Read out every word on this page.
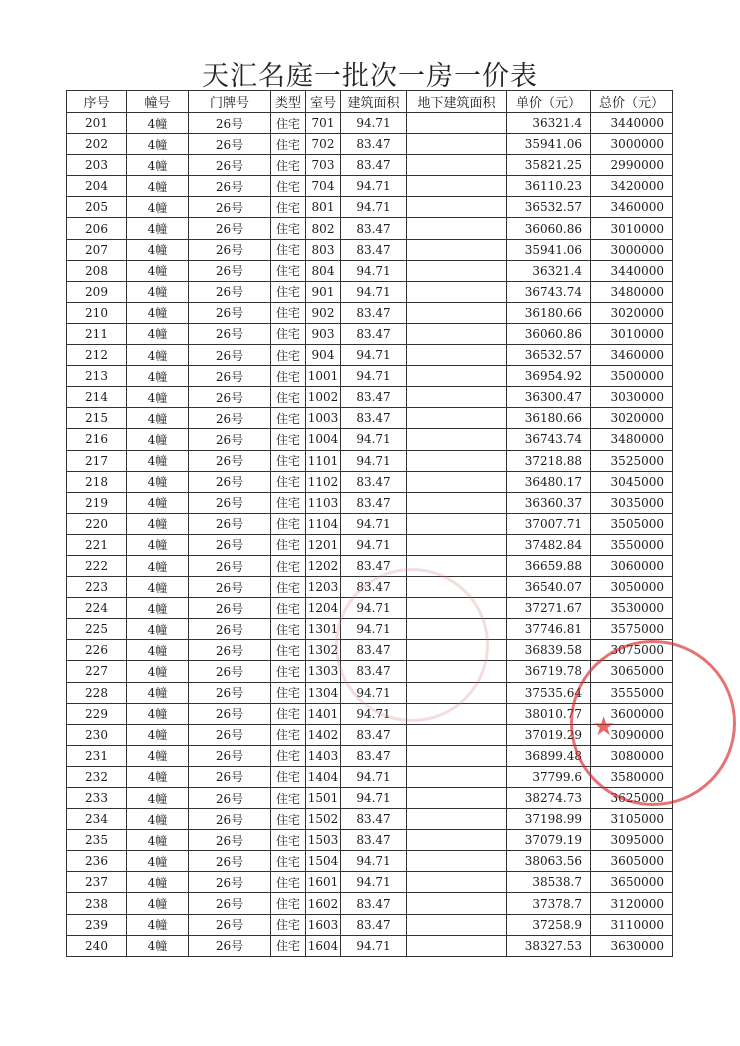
天汇名庭一批次一房一价表
序号	幢号	门牌号	类型	室号	建筑面积	地下建筑面积	单价（元）	总价（元）
201	4幢	26号	住宅	701	94.71		36321.4	3440000
202	4幢	26号	住宅	702	83.47		35941.06	3000000
203	4幢	26号	住宅	703	83.47		35821.25	2990000
204	4幢	26号	住宅	704	94.71		36110.23	3420000
205	4幢	26号	住宅	801	94.71		36532.57	3460000
206	4幢	26号	住宅	802	83.47		36060.86	3010000
207	4幢	26号	住宅	803	83.47		35941.06	3000000
208	4幢	26号	住宅	804	94.71		36321.4	3440000
209	4幢	26号	住宅	901	94.71		36743.74	3480000
210	4幢	26号	住宅	902	83.47		36180.66	3020000
211	4幢	26号	住宅	903	83.47		36060.86	3010000
212	4幢	26号	住宅	904	94.71		36532.57	3460000
213	4幢	26号	住宅	1001	94.71		36954.92	3500000
214	4幢	26号	住宅	1002	83.47		36300.47	3030000
215	4幢	26号	住宅	1003	83.47		36180.66	3020000
216	4幢	26号	住宅	1004	94.71		36743.74	3480000
217	4幢	26号	住宅	1101	94.71		37218.88	3525000
218	4幢	26号	住宅	1102	83.47		36480.17	3045000
219	4幢	26号	住宅	1103	83.47		36360.37	3035000
220	4幢	26号	住宅	1104	94.71		37007.71	3505000
221	4幢	26号	住宅	1201	94.71		37482.84	3550000
222	4幢	26号	住宅	1202	83.47		36659.88	3060000
223	4幢	26号	住宅	1203	83.47		36540.07	3050000
224	4幢	26号	住宅	1204	94.71		37271.67	3530000
225	4幢	26号	住宅	1301	94.71		37746.81	3575000
226	4幢	26号	住宅	1302	83.47		36839.58	3075000
227	4幢	26号	住宅	1303	83.47		36719.78	3065000
228	4幢	26号	住宅	1304	94.71		37535.64	3555000
229	4幢	26号	住宅	1401	94.71		38010.77	3600000
230	4幢	26号	住宅	1402	83.47		37019.29	3090000
231	4幢	26号	住宅	1403	83.47		36899.48	3080000
232	4幢	26号	住宅	1404	94.71		37799.6	3580000
233	4幢	26号	住宅	1501	94.71		38274.73	3625000
234	4幢	26号	住宅	1502	83.47		37198.99	3105000
235	4幢	26号	住宅	1503	83.47		37079.19	3095000
236	4幢	26号	住宅	1504	94.71		38063.56	3605000
237	4幢	26号	住宅	1601	94.71		38538.7	3650000
238	4幢	26号	住宅	1602	83.47		37378.7	3120000
239	4幢	26号	住宅	1603	83.47		37258.9	3110000
240	4幢	26号	住宅	1604	94.71		38327.53	3630000
★
